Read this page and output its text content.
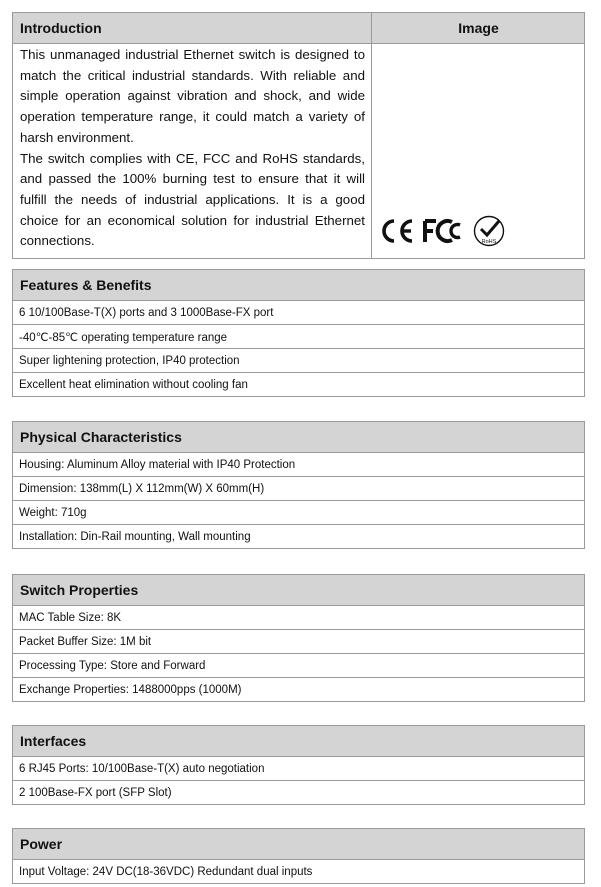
Introduction	Image

This unmanaged industrial Ethernet switch is designed to match the critical industrial standards. With reliable and simple operation against vibration and shock, and wide operation temperature range, it could match a variety of harsh environment.

The switch complies with CE, FCC and RoHS standards, and passed the 100% burning test to ensure that it will fulfill the needs of industrial applications. It is a good choice for an economical solution for industrial Ethernet connections.	RoHS
Features & Benefits
6 10/100Base-T(X) ports and 3 1000Base-FX port
-40℃-85℃ operating temperature range
Super lightening protection, IP40 protection
Excellent heat elimination without cooling fan
Physical Characteristics
Housing: Aluminum Alloy material with IP40 Protection
Dimension: 138mm(L) X 112mm(W) X 60mm(H)
Weight: 710g
Installation: Din-Rail mounting, Wall mounting
Switch Properties
MAC Table Size: 8K
Packet Buffer Size: 1M bit
Processing Type: Store and Forward
Exchange Properties: 1488000pps (1000M)
Interfaces
6 RJ45 Ports: 10/100Base-T(X) auto negotiation
2 100Base-FX port (SFP Slot)
Power
Input Voltage: 24V DC(18-36VDC) Redundant dual inputs
